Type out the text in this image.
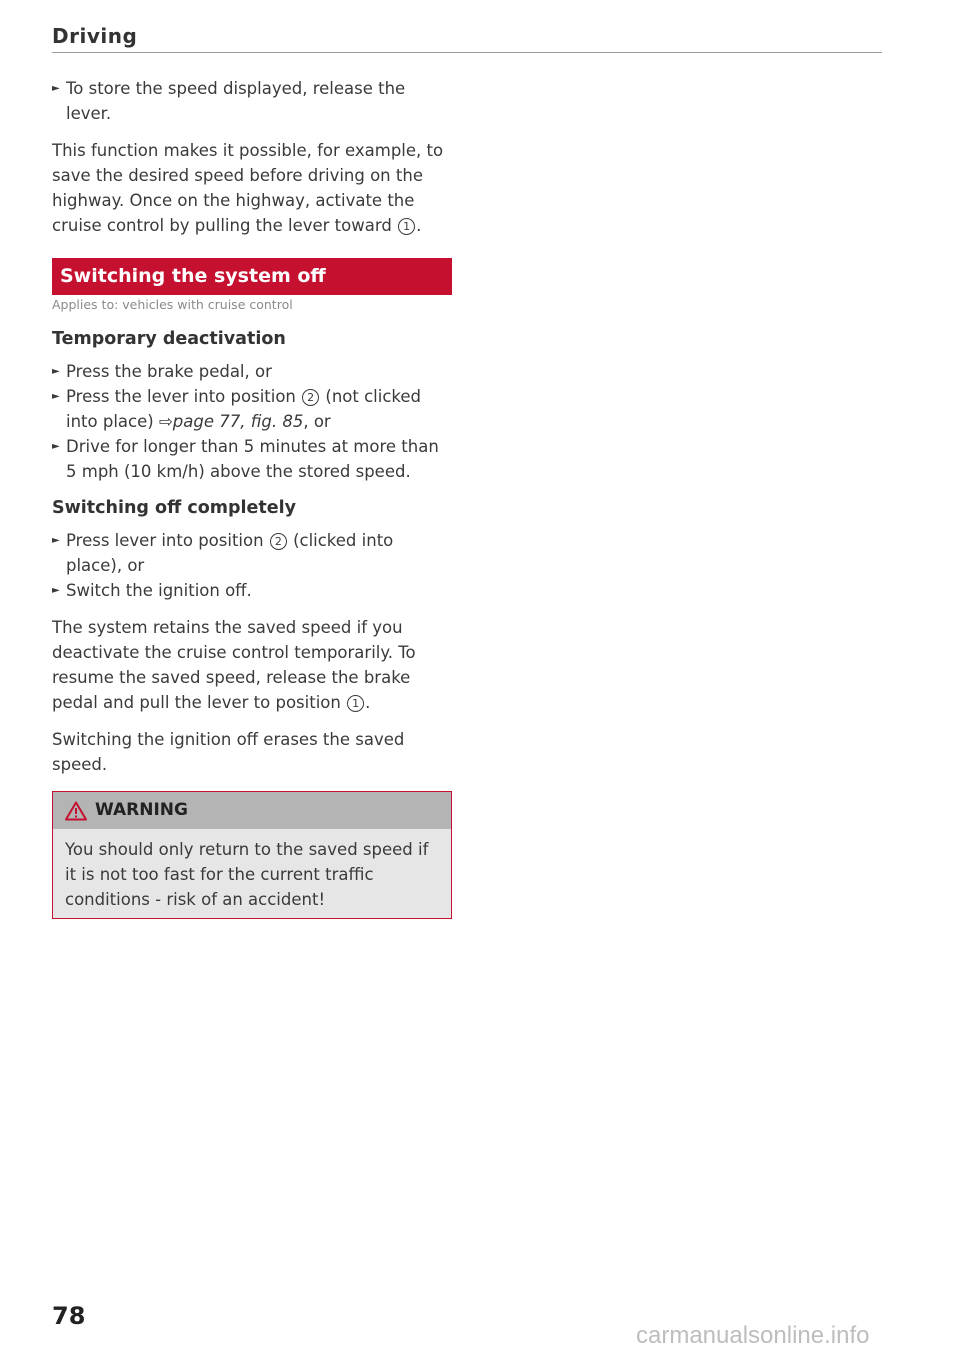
Driving
► To store the speed displayed, release the lever.

This function makes it possible, for example, to save the desired speed before driving on the highway. Once on the highway, activate the cruise control by pulling the lever toward 1 .

Switching the system off
Applies to: vehicles with cruise control
Temporary deactivation
► Press the brake pedal, or
► Press the lever into position 2 (not clicked into place) ⇨page 77, fig. 85, or
► Drive for longer than 5 minutes at more than 5 mph (10 km/h) above the stored speed.
Switching off completely
► Press lever into position 2 (clicked into place), or
► Switch the ignition off.

The system retains the saved speed if you deactivate the cruise control temporarily. To resume the saved speed, release the brake pedal and pull the lever to position 1 .

Switching the ignition off erases the saved speed.

WARNING
You should only return to the saved speed if it is not too fast for the current traffic conditions - risk of an accident!
78
carmanualsonline.info
